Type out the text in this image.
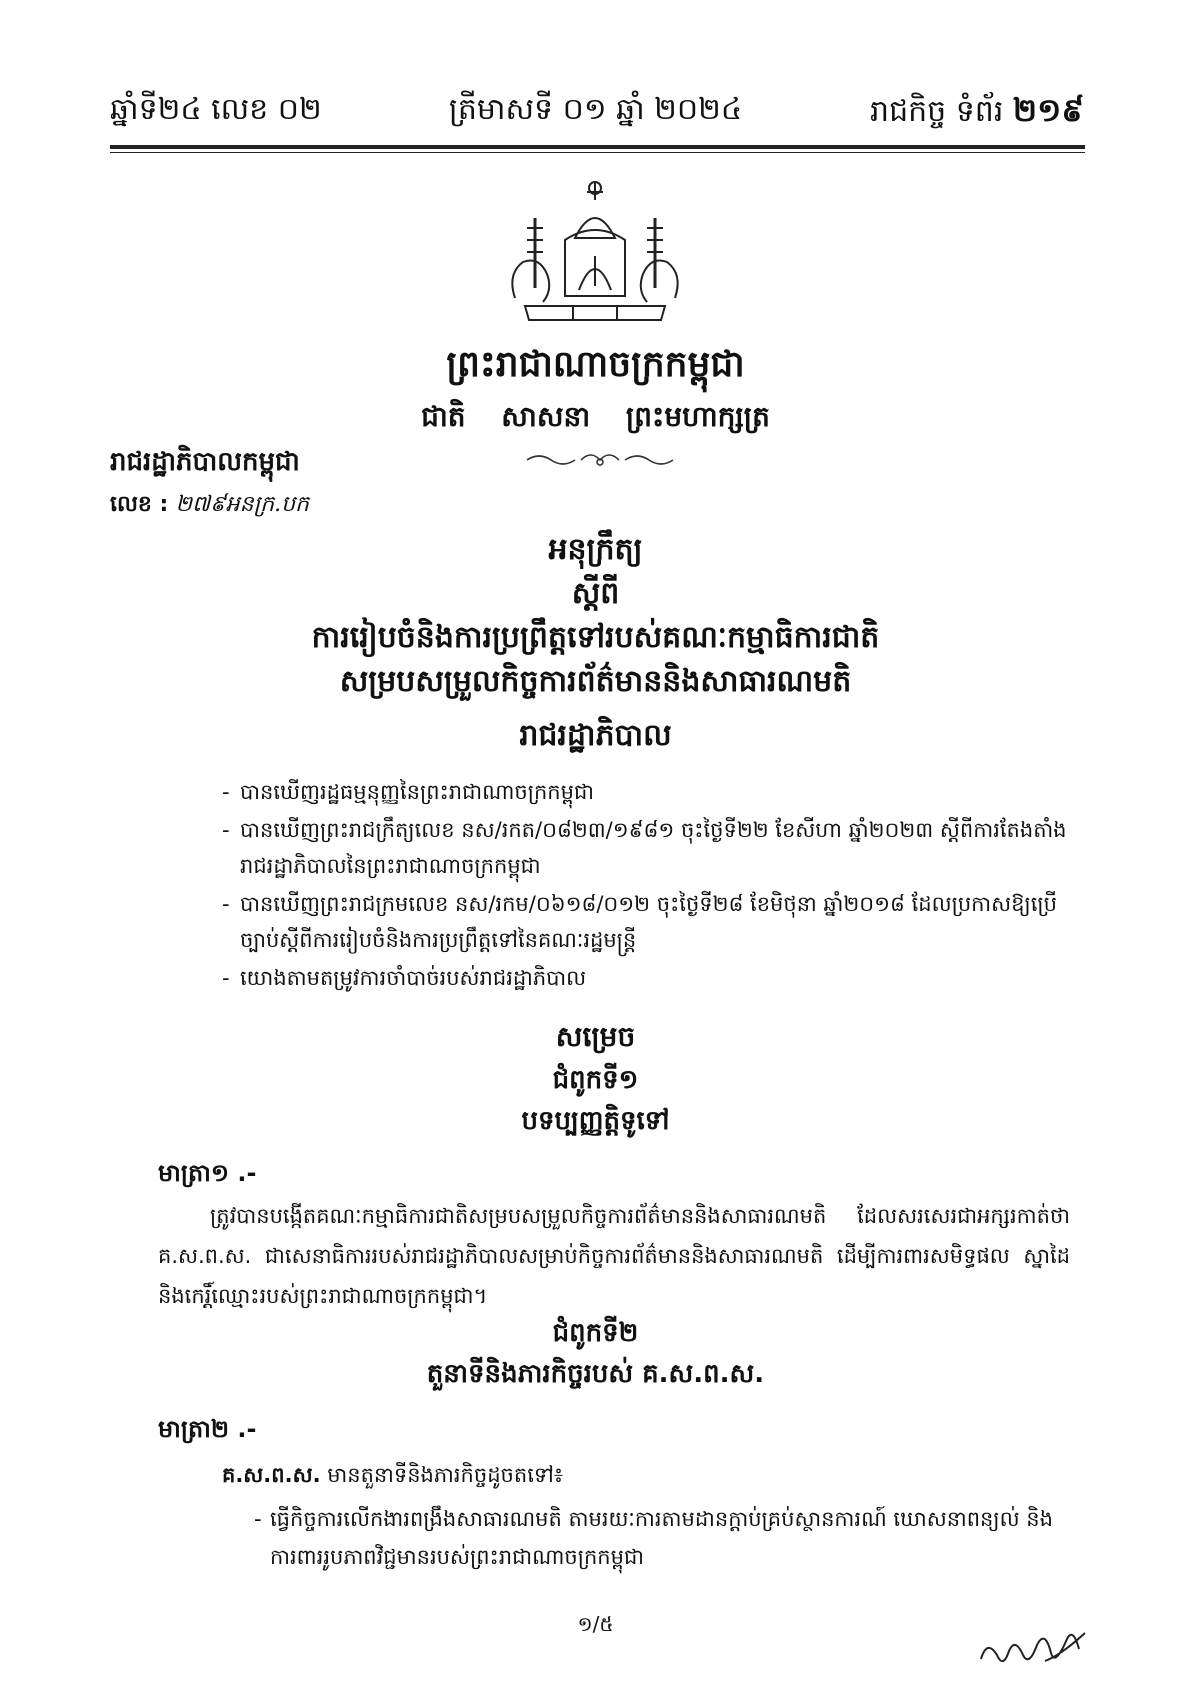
ឆ្នាំទី២៤ លេខ ០២	ត្រីមាសទី ០១ ឆ្នាំ ២០២៤	រាជកិច្ច ទំព័រ ២១៩
ព្រះរាជាណាចក្រកម្ពុជា
ជាតិ សាសនា ព្រះមហាក្សត្រ
រាជរដ្ឋាភិបាលកម្ពុជា
លេខ : ២៧៩អនក្រ.បក
អនុក្រឹត្យ
ស្តីពី
ការរៀបចំនិងការប្រព្រឹត្តទៅរបស់គណៈកម្មាធិការជាតិ
សម្របសម្រួលកិច្ចការព័ត៌មាននិងសាធារណមតិ
រាជរដ្ឋាភិបាល
- បានឃើញរដ្ឋធម្មនុញ្ញនៃព្រះរាជាណាចក្រកម្ពុជា
- បានឃើញព្រះរាជក្រឹត្យលេខ នស/រកត/០៨២៣/១៩៨១ ចុះថ្ងៃទី២២ ខែសីហា ឆ្នាំ២០២៣ ស្តីពីការតែងតាំងរាជរដ្ឋាភិបាលនៃព្រះរាជាណាចក្រកម្ពុជា
- បានឃើញព្រះរាជក្រមលេខ នស/រកម/០៦១៨/០១២ ចុះថ្ងៃទី២៨ ខែមិថុនា ឆ្នាំ២០១៨ ដែលប្រកាសឱ្យប្រើច្បាប់ស្តីពីការរៀបចំនិងការប្រព្រឹត្តទៅនៃគណៈរដ្ឋមន្ត្រី
- យោងតាមតម្រូវការចាំបាច់របស់រាជរដ្ឋាភិបាល
សម្រេច
ជំពូកទី១
បទប្បញ្ញត្តិទូទៅ
មាត្រា១ .-
ត្រូវបានបង្កើតគណៈកម្មាធិការជាតិសម្របសម្រួលកិច្ចការព័ត៌មាននិងសាធារណមតិ ដែលសរសេរជាអក្សរកាត់ថា គ.ស.ព.ស. ជាសេនាធិការរបស់រាជរដ្ឋាភិបាលសម្រាប់កិច្ចការព័ត៌មាននិងសាធារណមតិ ដើម្បីការពារសមិទ្ធផល ស្នាដៃ និងកេរ្តិ៍ឈ្មោះរបស់ព្រះរាជាណាចក្រកម្ពុជា។
ជំពូកទី២
តួនាទីនិងភារកិច្ចរបស់ គ.ស.ព.ស.
មាត្រា២ .-
គ.ស.ព.ស. មានតួនាទីនិងភារកិច្ចដូចតទៅ៖
- ធ្វើកិច្ចការលើកងារពង្រឹងសាធារណមតិ តាមរយៈការតាមដានក្តាប់គ្រប់ស្ថានការណ៍ ឃោសនាពន្យល់ និងការពាររូបភាពវិជ្ជមានរបស់ព្រះរាជាណាចក្រកម្ពុជា
១/៥
